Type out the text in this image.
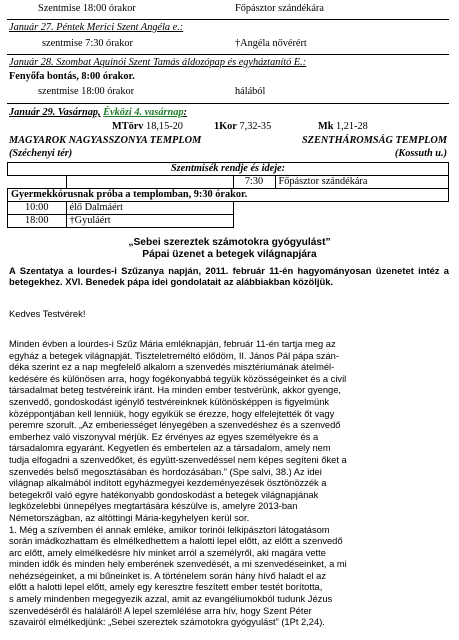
Szentmise 18:00 órakor	Főpásztor szándékára
Január 27. Péntek Merici Szent Angéla e.:
szentmise 7:30 órakor	†Angéla nővérért
Január 28. Szombat Aquinói Szent Tamás áldozópap és egyháztanító E.:
Fenyőfa bontás, 8:00 órakor.
szentmise 18:00 órakor	hálából
Január 29. Vasárnap, Évközi 4. vasárnap:
MTörv 18,15-20	1Kor 7,32-35	Mk 1,21-28
MAGYAROK NAGYASSZONYA TEMPLOM	SZENTHÁROMSÁG TEMPLOM
(Széchenyi tér)	(Kossuth u.)
Szentmisék rendje és ideje:			
		7:30	Főpásztor szándékára
Gyermekkórusnak próba a templomban, 9:30 órakor.			
10:00	élő Dalmáért		
18:00	†Gyuláért		
„Sebei szereztek számotokra gyógyulást”
Pápai üzenet a betegek világnapjára
A Szentatya a lourdes-i Szűzanya napján, 2011. február 11-én hagyományosan üzenetet intéz a betegekhez. XVI. Benedek pápa idei gondolatait az alábbiakban közöljük.
Kedves Testvérek!
Minden évben a lourdes-i Szűz Mária emléknapján, február 11-én tartja meg az
egyház a betegek világnapját. Tiszteletreméltó elődöm, II. János Pál pápa szán-
déka szerint ez a nap megfelelő alkalom a szenvedés misztériumának átelmél-
kedésére és különösen arra, hogy fogékonyabbá tegyük közösségeinket és a civil
társadalmat beteg testvéreink iránt. Ha minden ember testvérünk, akkor gyenge,
szenvedő, gondoskodást igénylő testvéreinknek különösképpen is figyelmünk
középpontjában kell lenniük, hogy egyikük se érezze, hogy elfelejtették őt vagy
peremre szorult. „Az emberiességet lényegében a szenvedéshez és a szenvedő
emberhez való viszonyval mérjük. Ez érvényes az egyes személyekre és a
társadalomra egyaránt. Kegyetlen és embertelen az a társadalom, amely nem
tudja elfogadni a szenvedőket, és együtt-szenvedéssel nem képes segíteni őket a
szenvedés belső megosztásában és hordozásában.” (Spe salvi, 38.) Az idei
világnap alkalmából indított egyházmegyei kezdeményezések ösztönözzék a
betegekről való egyre hatékonyabb gondoskodást a betegek világnapjának
legközelebbi ünnepélyes megtartására készülve is, amelyre 2013-ban
Németországban, az altöttingi Mária-kegyhelyen kerül sor.
1. Még a szívemben él annak emléke, amikor torinói lelkipásztori látogatásom
során imádkozhattam és elmélkedhettem a halotti lepel előtt, az előtt a szenvedő
arc előtt, amely elmélkedésre hív minket arról a személyről, aki magára vette
minden idők és minden hely emberének szenvedését, a mi szenvedéseinket, a mi
nehézségeinket, a mi bűneinket is. A történelem során hány hívő haladt el az
előtt a halotti lepel előtt, amely egy keresztre feszített ember testét borította,
s amely mindenben megegyezik azzal, amit az evangéliumokból tudunk Jézus
szenvedéséről és haláláról! A lepel szemlélése arra hív, hogy Szent Péter
szavairól elmélkedjünk: „Sebei szereztek számotokra gyógyulást” (1Pt 2,24).
